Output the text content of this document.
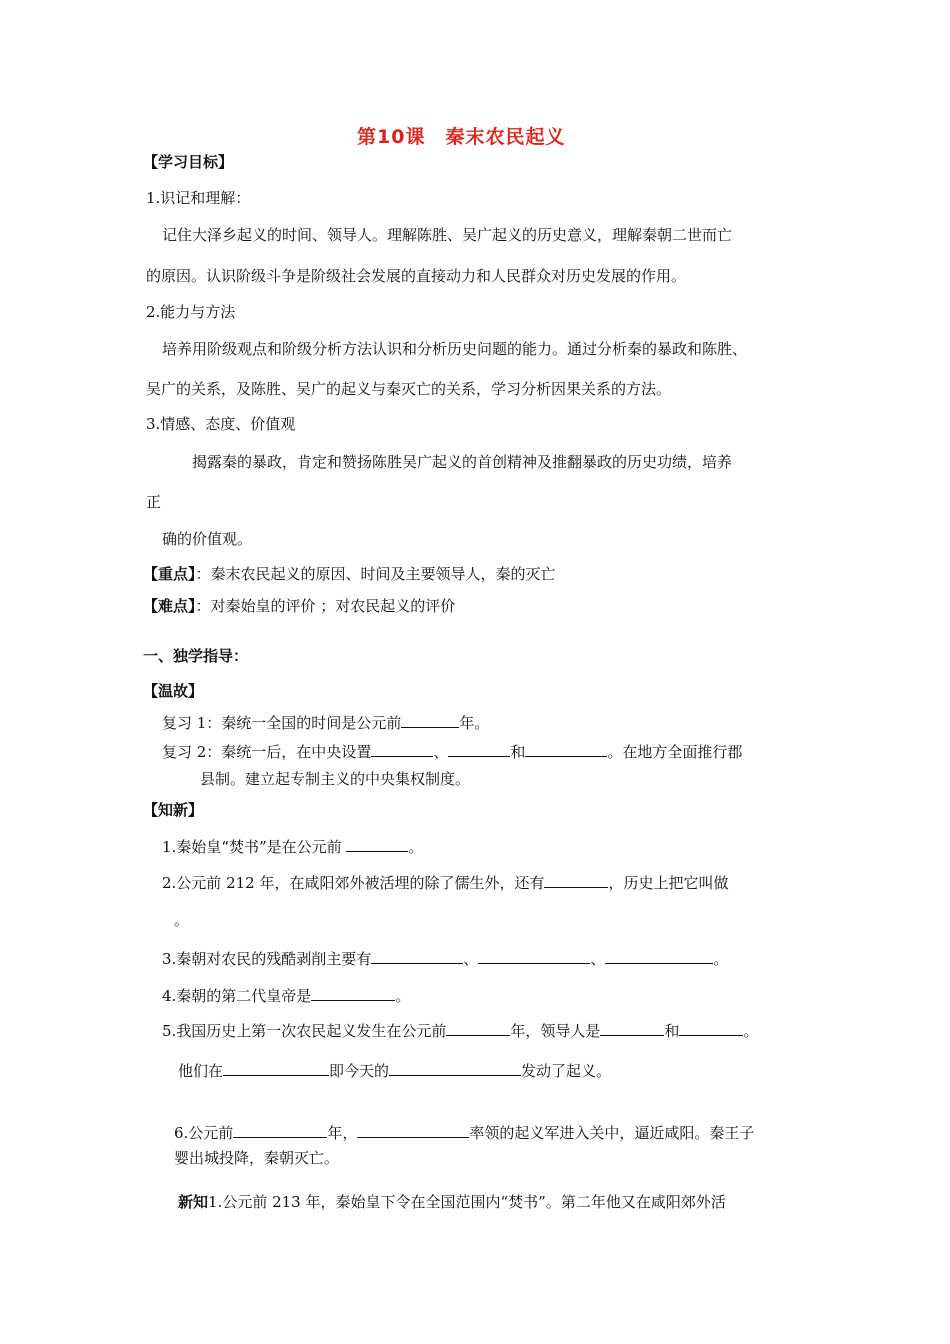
第10课　秦末农民起义
【学习目标】
1.识记和理解：
记住大泽乡起义的时间、领导人。理解陈胜、吴广起义的历史意义，理解秦朝二世而亡
的原因。认识阶级斗争是阶级社会发展的直接动力和人民群众对历史发展的作用。
2.能力与方法
培养用阶级观点和阶级分析方法认识和分析历史问题的能力。通过分析秦的暴政和陈胜、
吴广的关系，及陈胜、吴广的起义与秦灭亡的关系，学习分析因果关系的方法。
3.情感、态度、价值观
揭露秦的暴政，肯定和赞扬陈胜吴广起义的首创精神及推翻暴政的历史功绩，培养
正
确的价值观。
【重点】：秦末农民起义的原因、时间及主要领导人，秦的灭亡
【难点】：对秦始皇的评价 ；对农民起义的评价
一、独学指导：
【温故】
复习 1：秦统一全国的时间是公元前	年。
复习 2：秦统一后，在中央设置	、	和	。在地方全面推行郡
县制。建立起专制主义的中央集权制度。
【知新】
1.秦始皇“焚书”是在公元前	。
2.公元前 212 年，在咸阳郊外被活埋的除了儒生外，还有	，历史上把它叫做
。
3.秦朝对农民的残酷剥削主要有	、	、	。
4.秦朝的第二代皇帝是	。
5.我国历史上第一次农民起义发生在公元前	年，领导人是	和	。
他们在	即今天的	发动了起义。
6.公元前	年，	率领的起义军进入关中，逼近咸阳。秦王子
婴出城投降，秦朝灭亡。
新知1.公元前 213 年，秦始皇下令在全国范围内“焚书”。第二年他又在咸阳郊外活
